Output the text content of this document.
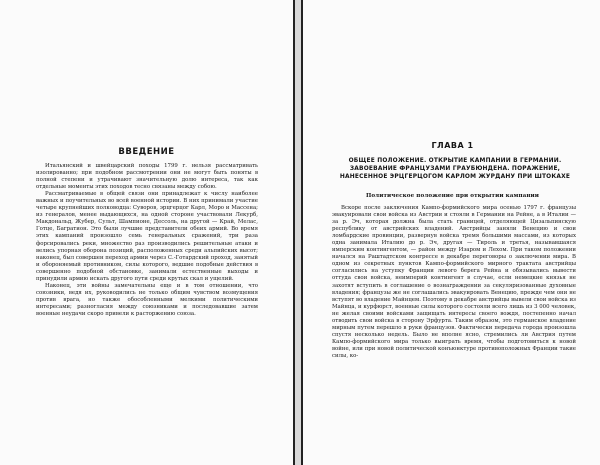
ВВЕДЕНИЕ

Итальянский и швейцарский походы 1799 г. нельзя рассматривать изолированно; при подобном рассмотрении они не могут быть поняты в полной степени и утрачивают значительную долю интереса, так как отдельные моменты этих походов тесно связаны между собою.

Рассматриваемые в общей связи они принадлежат к числу наиболее важных и поучительных во всей военной истории. В них принимали участие четыре крупнейших полководца: Суворов, эрцгерцог Карл, Моро и Массена; из генералов, менее выдающихся, на одной стороне участвовали Лекурб, Макдональд, Жубер, Сульт, Шампионе, Дессоль, на другой — Край, Мелас, Готце, Багратион. Это были лучшие представители обеих армий. Во время этих кампаний произошло семь генеральных сражений, три раза форсировались реки, множество раз производились решительные атаки и велись упорная оборона позиций, расположенных среди альпийских высот; наконец, был совершен переход армии через С.-Готардский проход, занятый и обороняемый противником, силы которого, ведшие подобные действия в совершенно подобной обстановке, занимали естественные выходы и принудили армию искать другого пути среди крутых скал и ущелий.

Наконец, эти войны замечательны еще и в том отношении, что союзники, ведя их, руководились не только общим чувством возмущения против врага, но также обособленными мелкими политическими интересами; разногласия между союзниками и последовавшие затем военные неудачи скоро привели к расторжению союза.

ГЛАВА 1
ОБЩЕЕ ПОЛОЖЕНИЕ. ОТКРЫТИЕ КАМПАНИИ В ГЕРМАНИИ. ЗАВОЕВАНИЕ ФРАНЦУЗАМИ ГРАУБЮНДЕНА. ПОРАЖЕНИЕ, НАНЕСЕННОЕ ЭРЦГЕРЦОГОМ КАРЛОМ ЖУРДАНУ ПРИ ШТОКАХЕ
Политическое положение при открытии кампании

Вскоре после заключения Кампо-формийского мира осенью 1797 г. французы эвакуировали свои войска из Австрии и стояли в Германии на Рейне, а в Италии — за р. Эч, которая должна была стать границей, отделяющей Цизальпинскую республику от австрийских владений. Австрийцы заняли Венецию и свои ломбардские провинции, развернув войска тремя большими массами, из которых одна занимала Италию до р. Эч, другая — Тироль и третья, называвшаяся имперским контингентом, — район между Изаром и Лехом. При таком положении начался на Раштадтском конгрессе в декабре переговоры о заключении мира. В одном из секретных пунктов Кампо-формийского мирного трактата австрийцы согласились на уступку Франции левого берега Рейна и обязывались вывести оттуда свои войска, неимперий контингент в случае, если немецкие князья не захотят вступить в соглашение о вознаграждении за секуляризованные духовные владения; французы же не соглашались эвакуировать Венецию, прежде чем они не вступят во владение Майнцем. Поэтому в декабре австрийцы вывели свои войска из Майнца, и курфюрст, военные силы которого состояли всего лишь из 3 000 человек, не желая своими войсками защищать интересы своего вождя, постепенно начал отводить свои войска в сторону Эрфурта. Таким образом, это германское владение мирным путем перешло в руки французов. Фактически передача города произошла спустя несколько недель. Было не вполне ясно, стремились ли Австрия путем Кампо-формийского мира только выиграть время, чтобы подготовиться к новой войне, или при новой политической конъюнктуре противоположных Франции такие силы, ко-
